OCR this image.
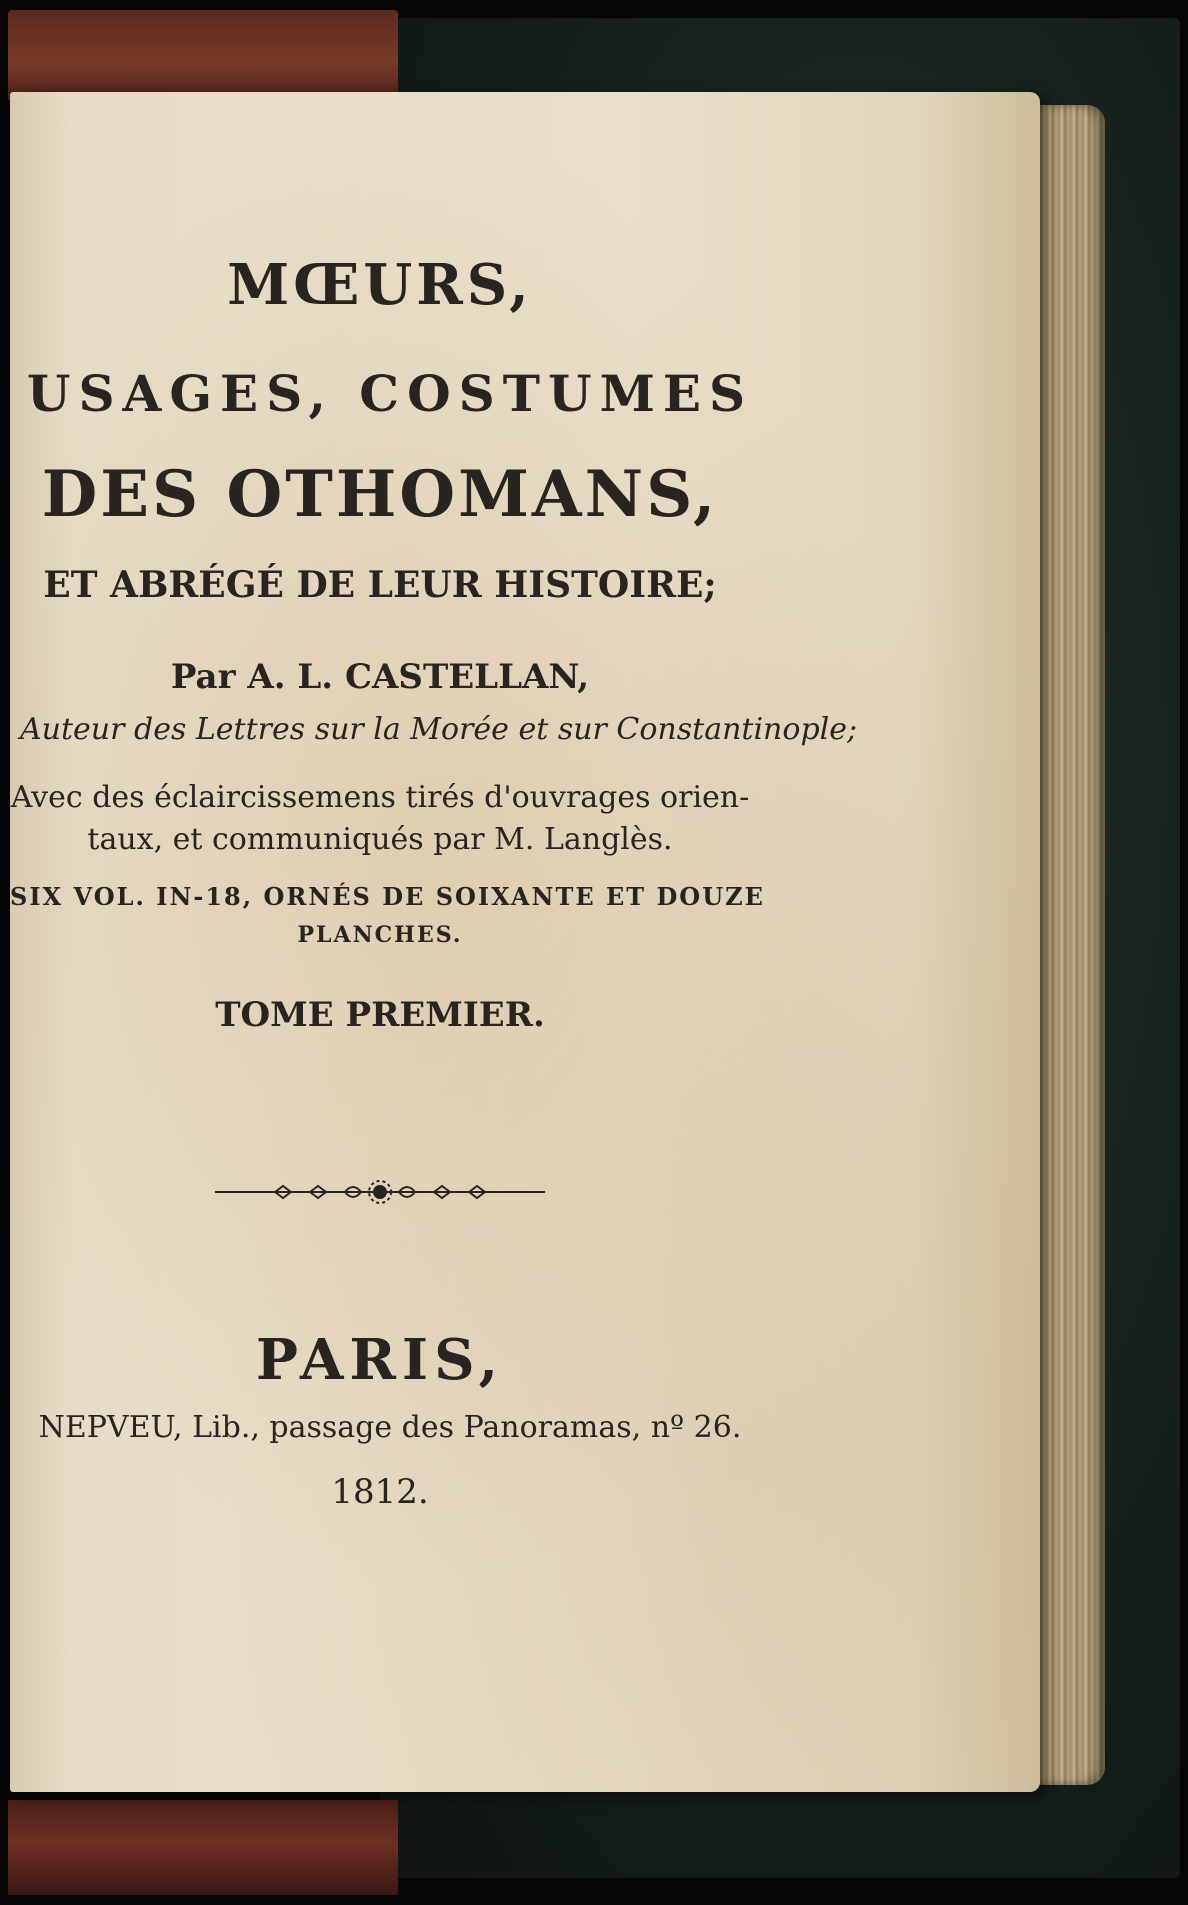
MŒURS,
USAGES, COSTUMES
DES OTHOMANS,
ET ABRÉGÉ DE LEUR HISTOIRE;
Par A. L. CASTELLAN,
Auteur des Lettres sur la Morée et sur Constantinople;
Avec des éclaircissemens tirés d'ouvrages orien-
taux, et communiqués par M. Langlès.
SIX VOL. IN-18, ORNÉS DE SOIXANTE ET DOUZE
PLANCHES.
TOME PREMIER.
PARIS,
NEPVEU, Lib., passage des Panoramas, nº 26.
1812.
